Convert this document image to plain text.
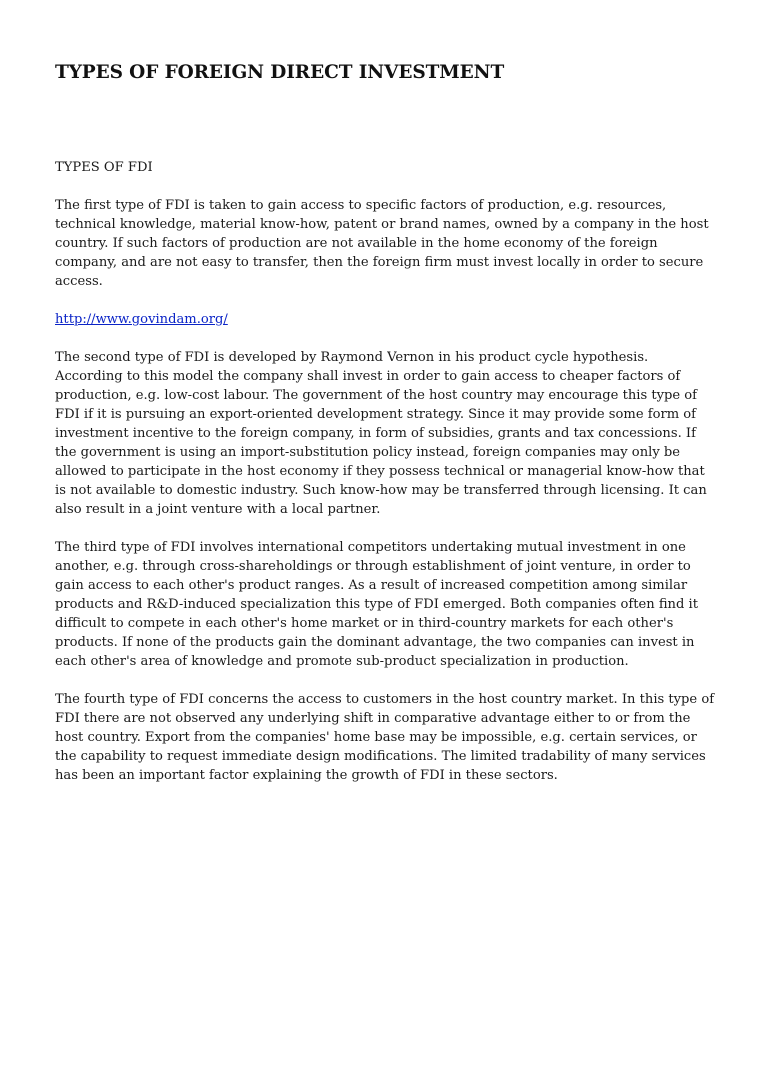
TYPES OF FOREIGN DIRECT INVESTMENT

TYPES OF FDI

The first type of FDI is taken to gain access to specific factors of production, e.g. resources, technical knowledge, material know-how, patent or brand names, owned by a company in the host country. If such factors of production are not available in the home economy of the foreign company, and are not easy to transfer, then the foreign firm must invest locally in order to secure access.

http://www.govindam.org/

The second type of FDI is developed by Raymond Vernon in his product cycle hypothesis. According to this model the company shall invest in order to gain access to cheaper factors of production, e.g. low-cost labour. The government of the host country may encourage this type of FDI if it is pursuing an export-oriented development strategy. Since it may provide some form of investment incentive to the foreign company, in form of subsidies, grants and tax concessions. If the government is using an import-substitution policy instead, foreign companies may only be allowed to participate in the host economy if they possess technical or managerial know-how that is not available to domestic industry. Such know-how may be transferred through licensing. It can also result in a joint venture with a local partner.

The third type of FDI involves international competitors undertaking mutual investment in one another, e.g. through cross-shareholdings or through establishment of joint venture, in order to gain access to each other's product ranges. As a result of increased competition among similar products and R&D-induced specialization this type of FDI emerged. Both companies often find it difficult to compete in each other's home market or in third-country markets for each other's products. If none of the products gain the dominant advantage, the two companies can invest in each other's area of knowledge and promote sub-product specialization in production.

The fourth type of FDI concerns the access to customers in the host country market. In this type of FDI there are not observed any underlying shift in comparative advantage either to or from the host country. Export from the companies' home base may be impossible, e.g. certain services, or the capability to request immediate design modifications. The limited tradability of many services has been an important factor explaining the growth of FDI in these sectors.
